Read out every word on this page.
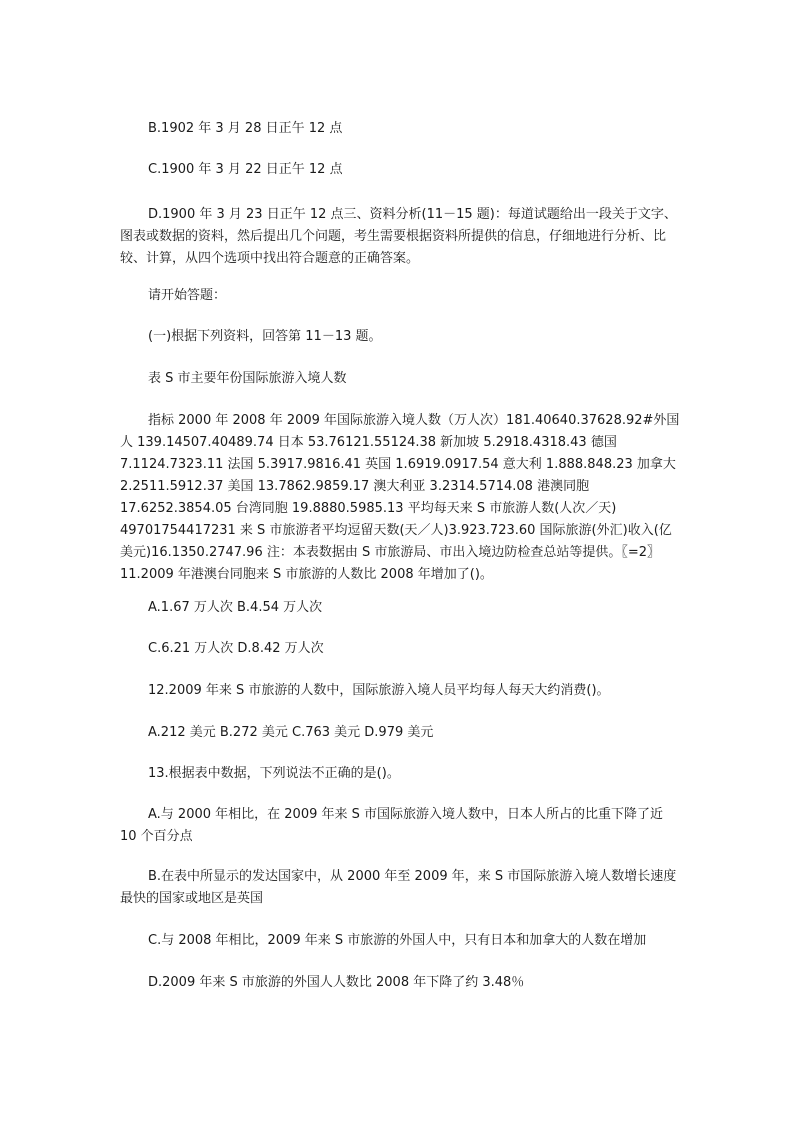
B.1902 年 3 月 28 日正午 12 点

C.1900 年 3 月 22 日正午 12 点

D.1900 年 3 月 23 日正午 12 点三、资料分析(11－15 题)：每道试题给出一段关于文字、图表或数据的资料，然后提出几个问题，考生需要根据资料所提供的信息，仔细地进行分析、比较、计算，从四个选项中找出符合题意的正确答案。

请开始答题：

(一)根据下列资料，回答第 11－13 题。

表 S 市主要年份国际旅游入境人数

指标 2000 年 2008 年 2009 年国际旅游入境人数（万人次）181.40640.37628.92#外国人 139.14507.40489.74 日本 53.76121.55124.38 新加坡 5.2918.4318.43 德国 7.1124.7323.11 法国 5.3917.9816.41 英国 1.6919.0917.54 意大利 1.888.848.23 加拿大 2.2511.5912.37 美国 13.7862.9859.17 澳大利亚 3.2314.5714.08 港澳同胞 17.6252.3854.05 台湾同胞 19.8880.5985.13 平均每天来 S 市旅游人数(人次／天) 49701754417231 来 S 市旅游者平均逗留天数(天／人)3.923.723.60 国际旅游(外汇)收入(亿美元)16.1350.2747.96 注：本表数据由 S 市旅游局、市出入境边防检查总站等提供。〖=2〗11.2009 年港澳台同胞来 S 市旅游的人数比 2008 年增加了()。

A.1.67 万人次 B.4.54 万人次

C.6.21 万人次 D.8.42 万人次

12.2009 年来 S 市旅游的人数中，国际旅游入境人员平均每人每天大约消费()。

A.212 美元 B.272 美元 C.763 美元 D.979 美元

13.根据表中数据，下列说法不正确的是()。

A.与 2000 年相比，在 2009 年来 S 市国际旅游入境人数中，日本人所占的比重下降了近 10 个百分点

B.在表中所显示的发达国家中，从 2000 年至 2009 年，来 S 市国际旅游入境人数增长速度最快的国家或地区是英国

C.与 2008 年相比，2009 年来 S 市旅游的外国人中，只有日本和加拿大的人数在增加

D.2009 年来 S 市旅游的外国人人数比 2008 年下降了约 3.48％
